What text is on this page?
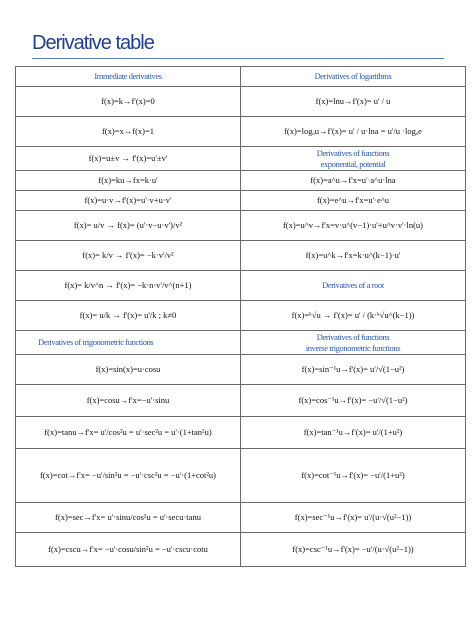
Derivative table
Immediate derivatives	Derivatives of logarithms
f(x)=k→f'(x)=0	f(x)=lnu→f'(x)= u' / u
f(x)=x→f(x)=1	f(x)=logₐu→f'(x)= u' / u·lna = u'/u ·logₐe
f(x)=u±v → f'(x)=u'±v'	Derivatives of functions
exponential, potential
f(x)=ku→fx=k·u'	f(x)=a^u→f'x=u'·a^u·lna
f(x)=u·v→f'(x)=u'·v+u·v'	f(x)=e^u→f'x=u'·e^u
f(x)= u/v → f(x)= (u'·v−u·v')/v²	f(x)=u^v→f'x=v·u^(v−1)·u'+u^v·v'·ln(u)
f(x)= k/v → f'(x)= −k·v'/v²	f(x)=u^k→f'x=k·u^(k−1)·u'
f(x)= k/v^n → f'(x)= −k·n·v'/v^(n+1)	Derivatives of a root
f(x)= u/k → f'(x)= u'/k ; k≠0	f(x)=ᵏ√u → f'(x)= u' / (k·ᵏ√u^(k−1))
Derivatives of trigonometric functions	Derivatives of functions
inverse trigonometric functions
f(x)=sin(x)=u·cosu	f(x)=sin⁻¹u→f'(x)= u'/√(1−u²)
f(x)=cosu→f'x=−u'·sinu	f(x)=cos⁻¹u→f'(x)= −u'/√(1−u²)
f(x)=tanu→f'x= u'/cos²u = u'·sec²u = u'·(1+tan²u)	f(x)=tan⁻¹u→f'(x)= u'/(1+u²)
f(x)=cot→f'x= −u'/sin²u = −u'·csc²u = −u'·(1+cot²u)	f(x)=cot⁻¹u→f'(x)= −u'/(1+u²)
f(x)=sec→f'x= u'·sinu/cos²u = u'·secu·tanu	f(x)=sec⁻¹u→f'(x)= u'/(u·√(u²−1))
f(x)=cscu→f'x= −u'·cosu/sin²u = −u'·cscu·cotu	f(x)=csc⁻¹u→f'(x)= −u'/(u·√(u²−1))
